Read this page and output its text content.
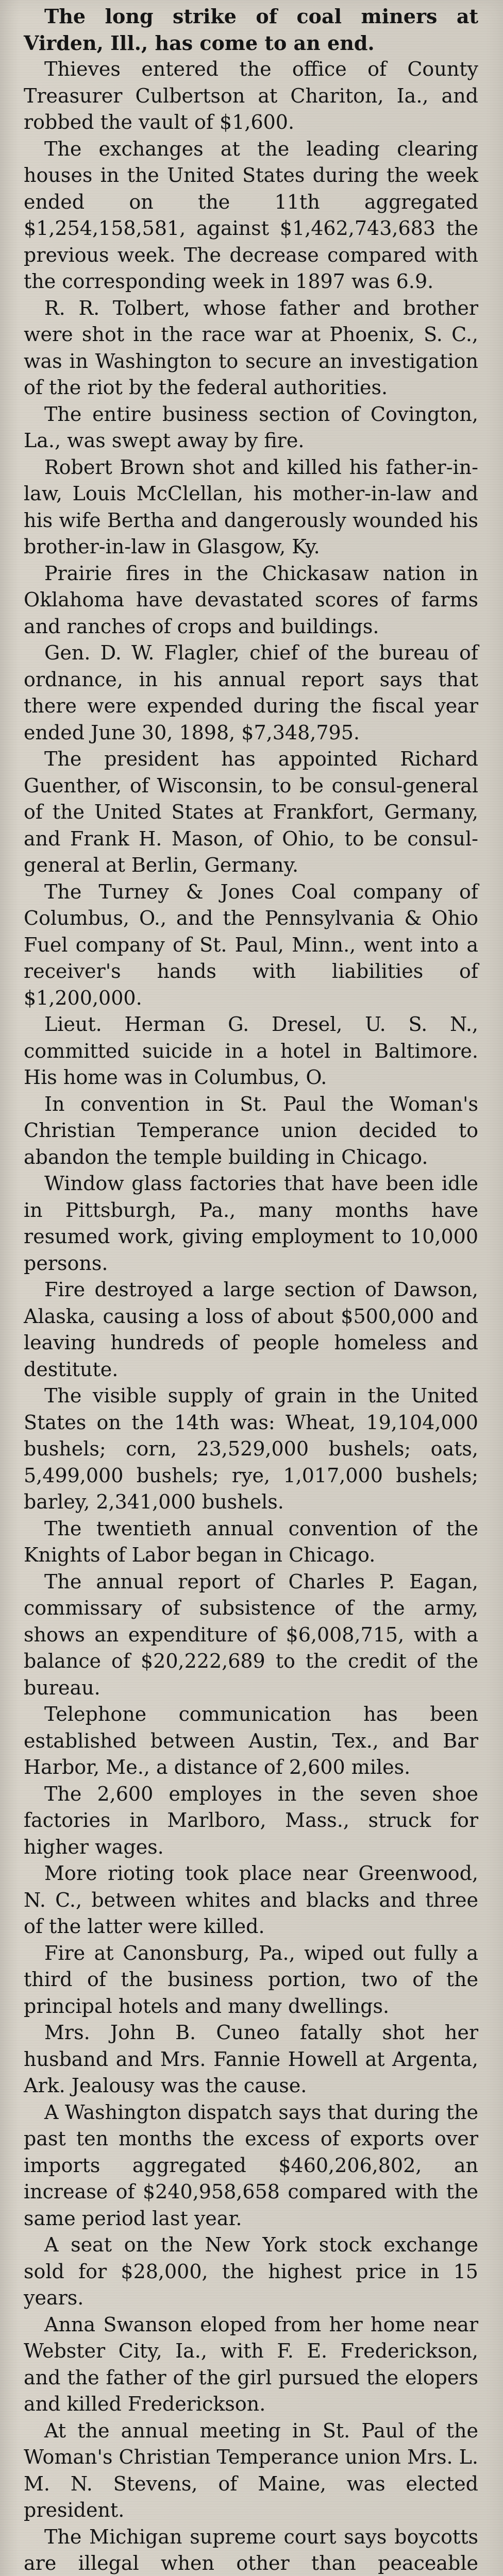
The long strike of coal miners at Virden, Ill., has come to an end.

Thieves entered the office of County Treasurer Culbertson at Chariton, Ia., and robbed the vault of $1,600.

The exchanges at the leading clearing houses in the United States during the week ended on the 11th aggregated $1,254,158,581, against $1,462,743,683 the previous week. The decrease compared with the corresponding week in 1897 was 6.9.

R. R. Tolbert, whose father and brother were shot in the race war at Phoenix, S. C., was in Washington to secure an investigation of the riot by the federal authorities.

The entire business section of Covington, La., was swept away by fire.

Robert Brown shot and killed his father-in-law, Louis McClellan, his mother-in-law and his wife Bertha and dangerously wounded his brother-in-law in Glasgow, Ky.

Prairie fires in the Chickasaw nation in Oklahoma have devastated scores of farms and ranches of crops and buildings.

Gen. D. W. Flagler, chief of the bureau of ordnance, in his annual report says that there were expended during the fiscal year ended June 30, 1898, $7,348,795.

The president has appointed Richard Guenther, of Wisconsin, to be consul-general of the United States at Frankfort, Germany, and Frank H. Mason, of Ohio, to be consul-general at Berlin, Germany.

The Turney & Jones Coal company of Columbus, O., and the Pennsylvania & Ohio Fuel company of St. Paul, Minn., went into a receiver's hands with liabilities of $1,200,000.

Lieut. Herman G. Dresel, U. S. N., committed suicide in a hotel in Baltimore. His home was in Columbus, O.

In convention in St. Paul the Woman's Christian Temperance union decided to abandon the temple building in Chicago.

Window glass factories that have been idle in Pittsburgh, Pa., many months have resumed work, giving employment to 10,000 persons.

Fire destroyed a large section of Dawson, Alaska, causing a loss of about $500,000 and leaving hundreds of people homeless and destitute.

The visible supply of grain in the United States on the 14th was: Wheat, 19,104,000 bushels; corn, 23,529,000 bushels; oats, 5,499,000 bushels; rye, 1,017,000 bushels; barley, 2,341,000 bushels.

The twentieth annual convention of the Knights of Labor began in Chicago.

The annual report of Charles P. Eagan, commissary of subsistence of the army, shows an expenditure of $6,008,715, with a balance of $20,222,689 to the credit of the bureau.

Telephone communication has been established between Austin, Tex., and Bar Harbor, Me., a distance of 2,600 miles.

The 2,600 employes in the seven shoe factories in Marlboro, Mass., struck for higher wages.

More rioting took place near Greenwood, N. C., between whites and blacks and three of the latter were killed.

Fire at Canonsburg, Pa., wiped out fully a third of the business portion, two of the principal hotels and many dwellings.

Mrs. John B. Cuneo fatally shot her husband and Mrs. Fannie Howell at Argenta, Ark. Jealousy was the cause.

A Washington dispatch says that during the past ten months the excess of exports over imports aggregated $460,206,802, an increase of $240,958,658 compared with the same period last year.

A seat on the New York stock exchange sold for $28,000, the highest price in 15 years.

Anna Swanson eloped from her home near Webster City, Ia., with F. E. Frederickson, and the father of the girl pursued the elopers and killed Frederickson.

At the annual meeting in St. Paul of the Woman's Christian Temperance union Mrs. L. M. N. Stevens, of Maine, was elected president.

The Michigan supreme court says boycotts are illegal when other than peaceable
